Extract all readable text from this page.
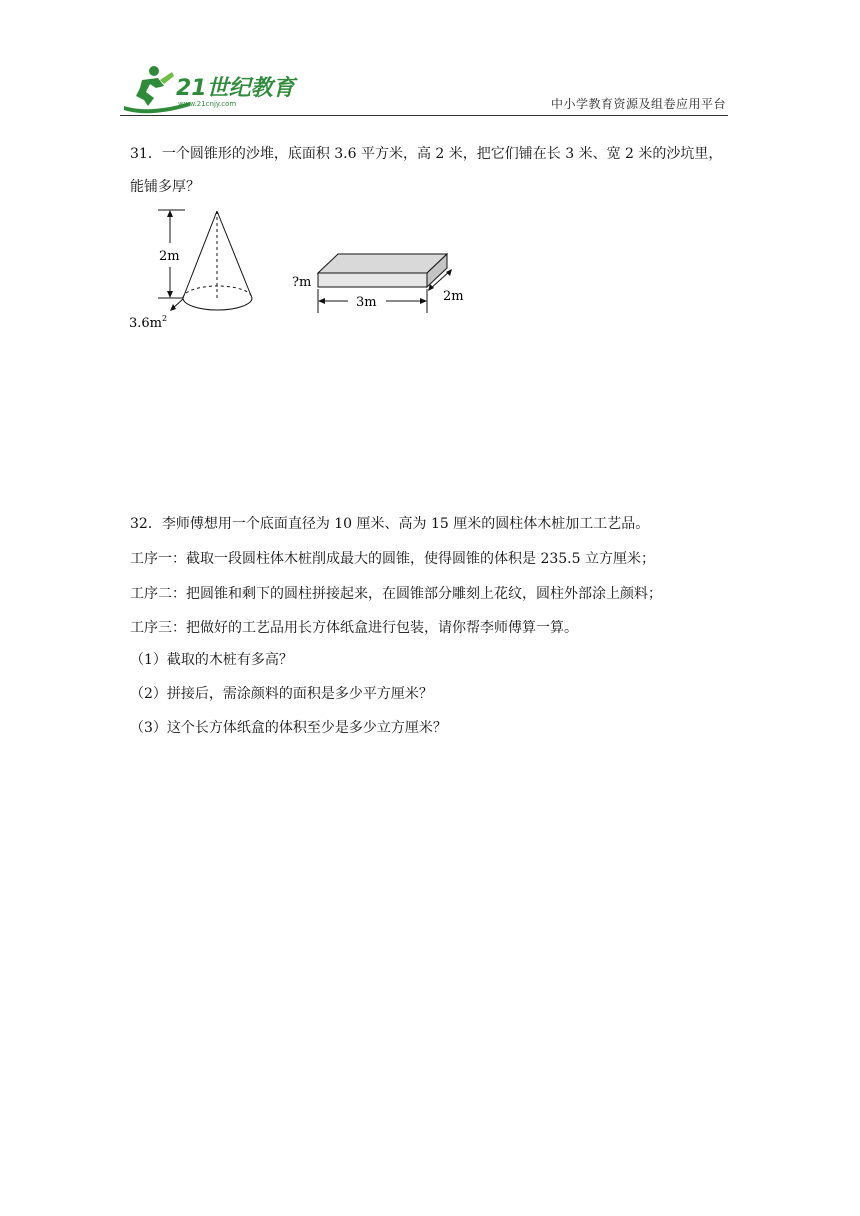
21世纪教育
www.21cnjy.com	中小学教育资源及组卷应用平台
31．一个圆锥形的沙堆，底面积 3.6 平方米，高 2 米，把它们铺在长 3 米、宽 2 米的沙坑里，
能铺多厚？
2m
$3.6m^2$
?m
3m	2m
32．李师傅想用一个底面直径为 10 厘米、高为 15 厘米的圆柱体木桩加工工艺品。
工序一：截取一段圆柱体木桩削成最大的圆锥，使得圆锥的体积是 235.5 立方厘米；
工序二：把圆锥和剩下的圆柱拼接起来，在圆锥部分雕刻上花纹，圆柱外部涂上颜料；
工序三：把做好的工艺品用长方体纸盒进行包装，请你帮李师傅算一算。
（1）截取的木桩有多高？
（2）拼接后，需涂颜料的面积是多少平方厘米？
（3）这个长方体纸盒的体积至少是多少立方厘米？
